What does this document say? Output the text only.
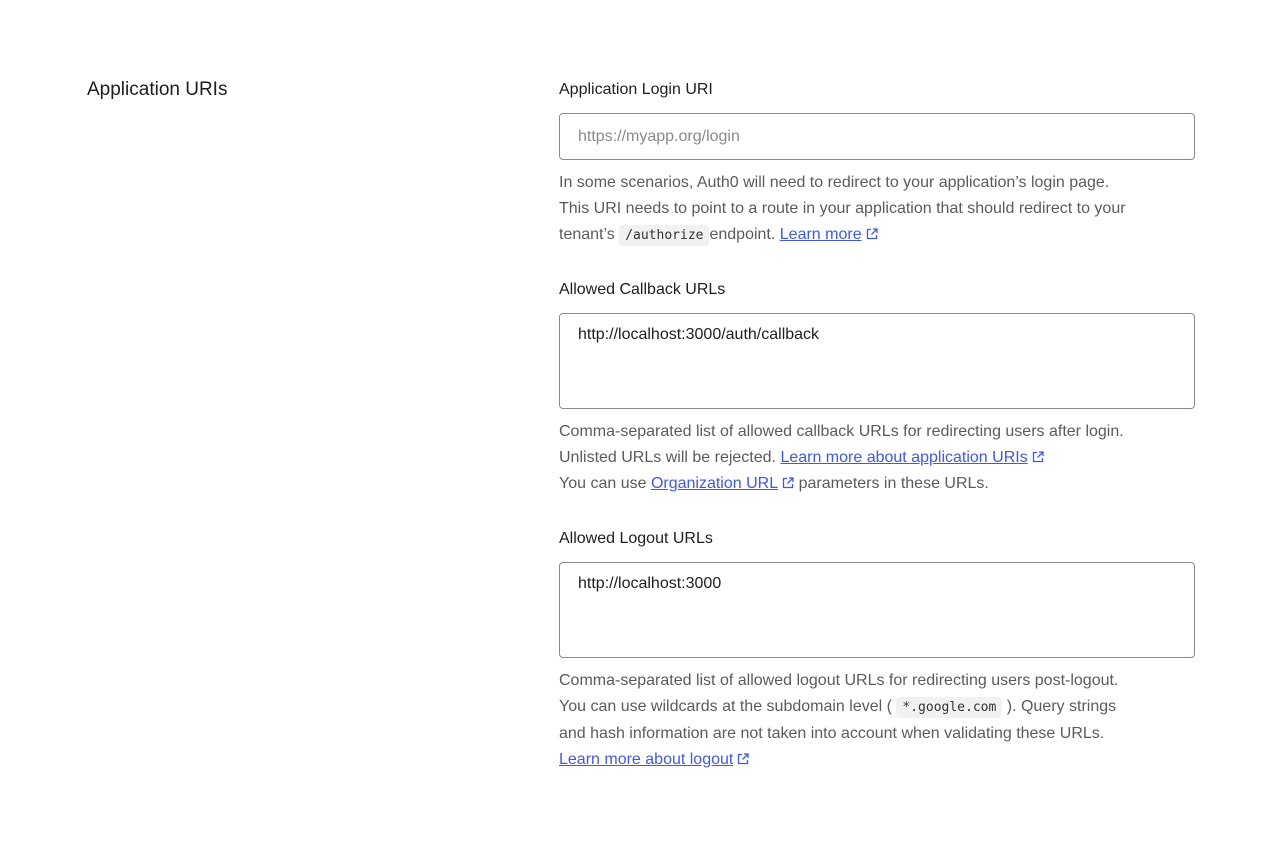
Application URIs	Application Login URI
https://myapp.org/login
In some scenarios, Auth0 will need to redirect to your application’s login page.
This URI needs to point to a route in your application that should redirect to your
tenant’s /authorize endpoint. Learn more
Allowed Callback URLs
http://localhost:3000/auth/callback
Comma-separated list of allowed callback URLs for redirecting users after login.
Unlisted URLs will be rejected. Learn more about application URIs
You can use Organization URL parameters in these URLs.
Allowed Logout URLs
http://localhost:3000
Comma-separated list of allowed logout URLs for redirecting users post-logout.
You can use wildcards at the subdomain level ( *.google.com ). Query strings
and hash information are not taken into account when validating these URLs.
Learn more about logout
